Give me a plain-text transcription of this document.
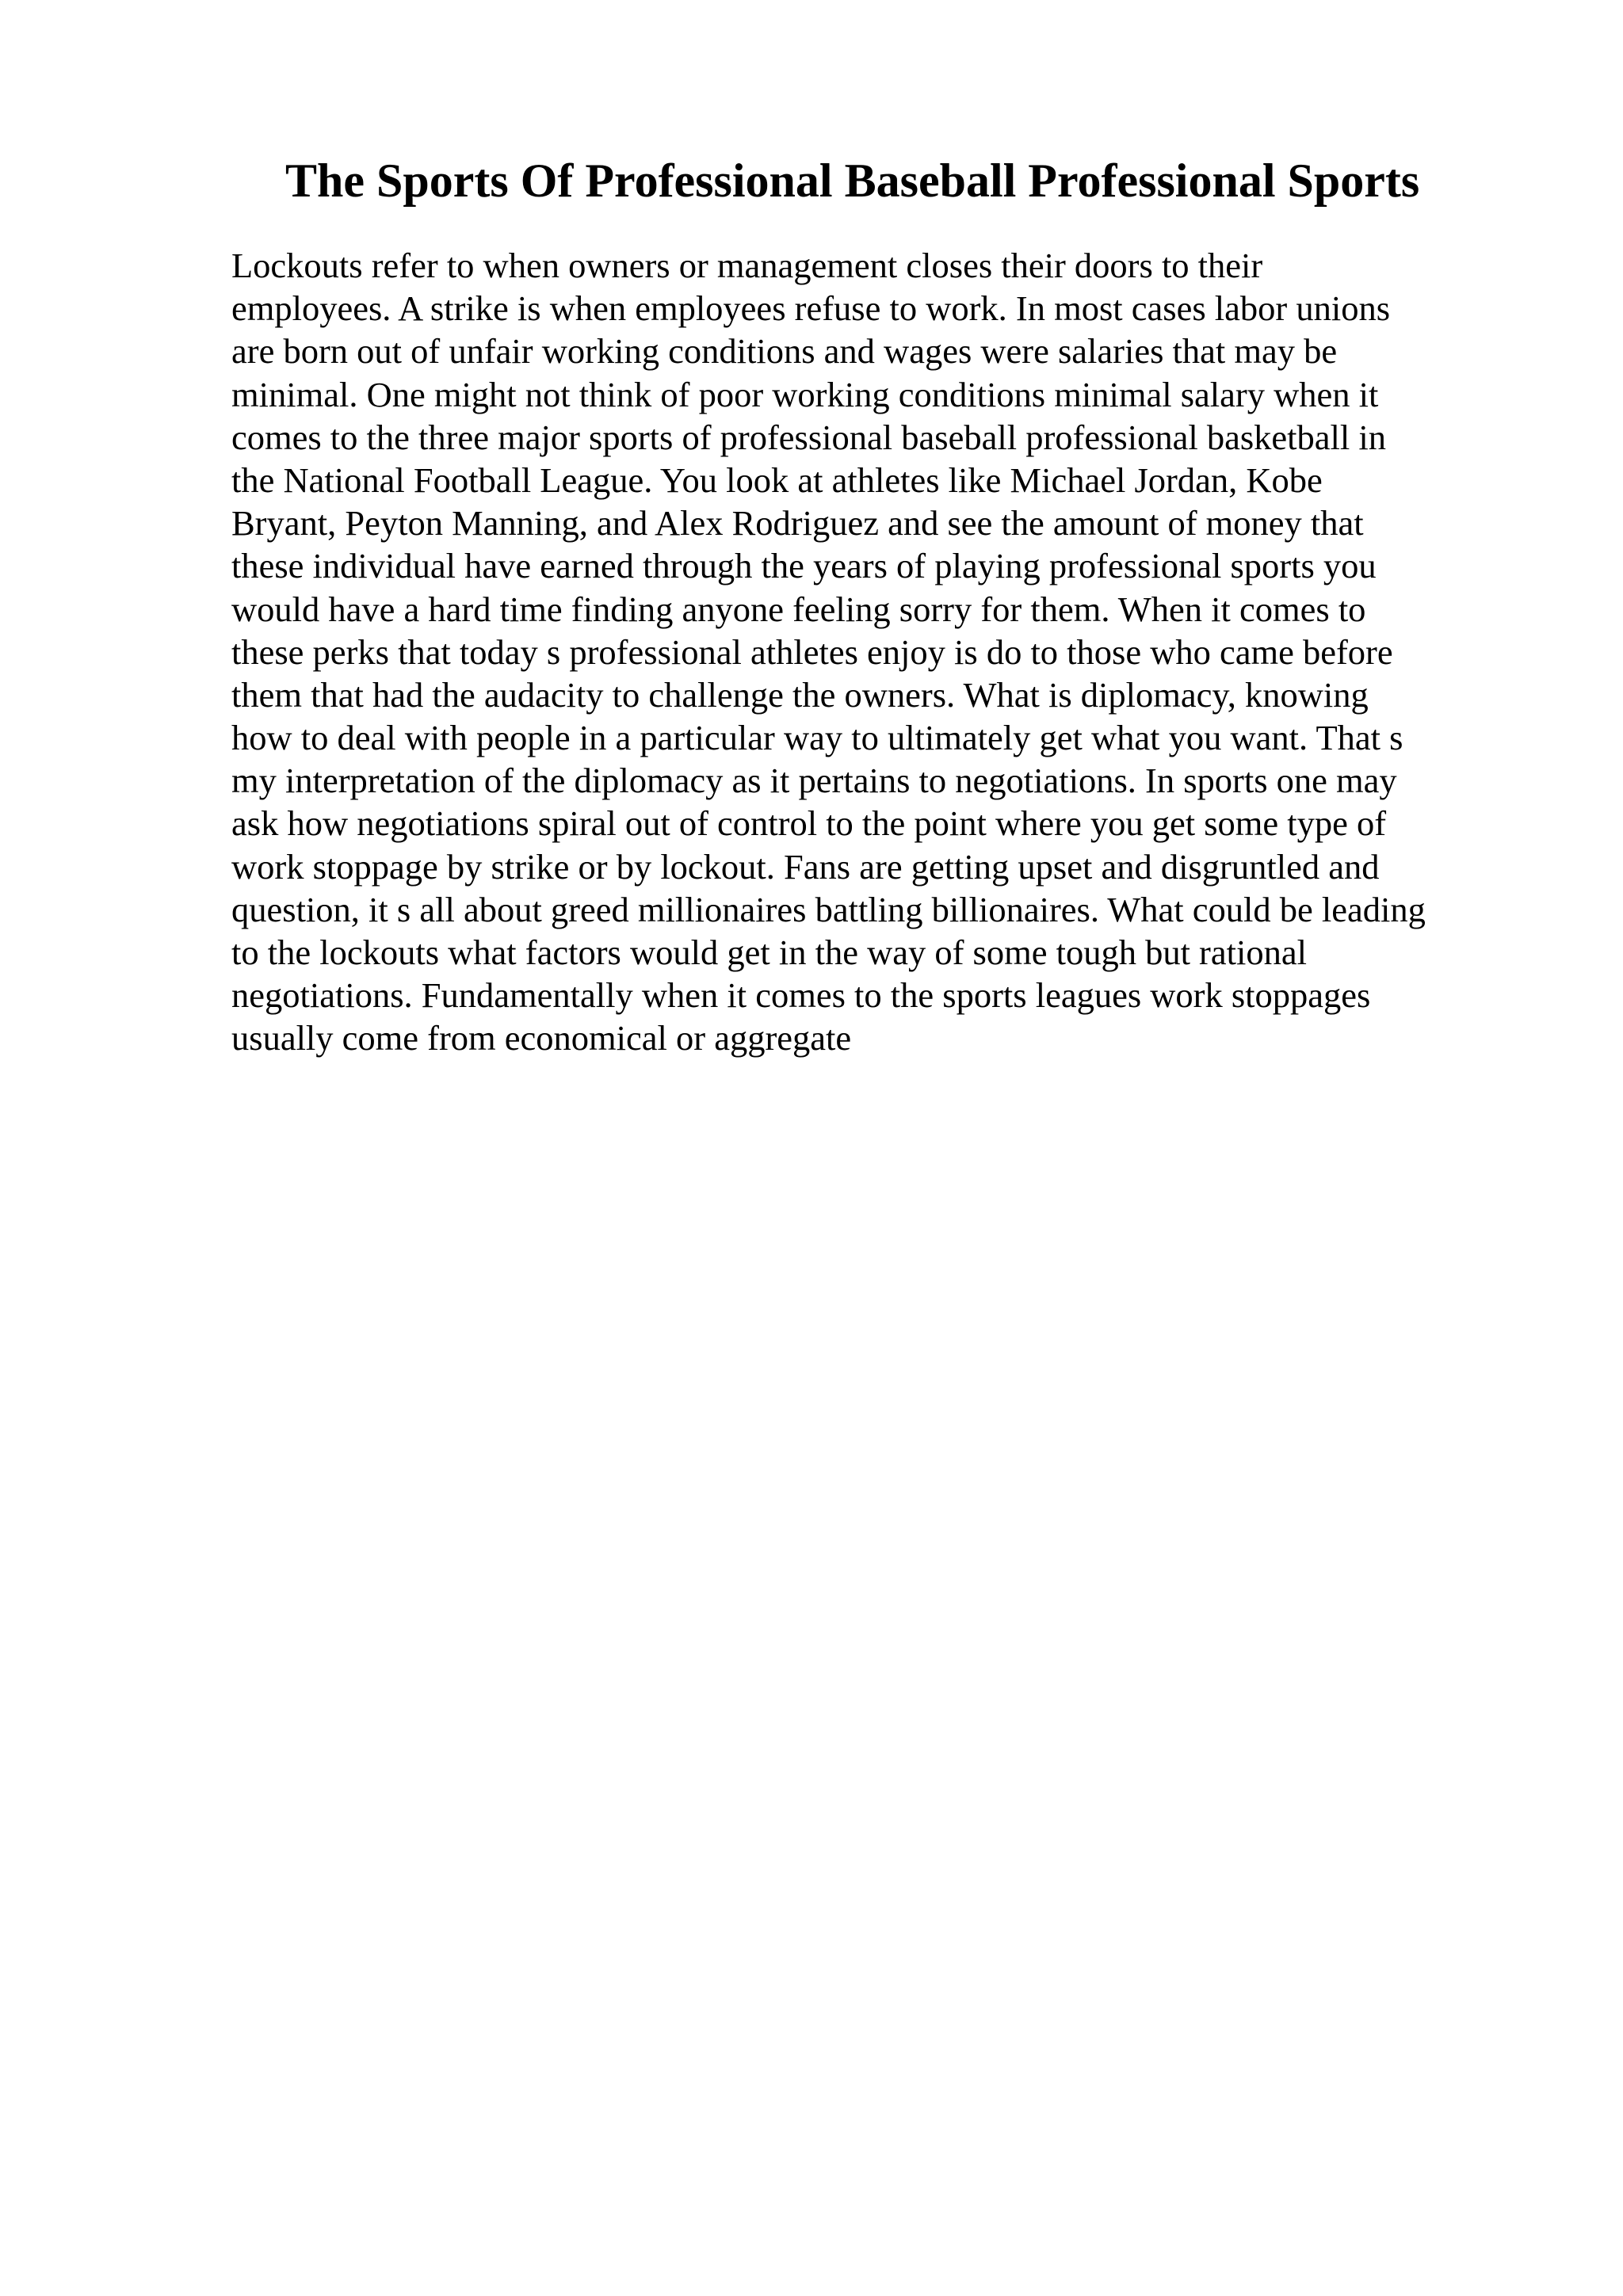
The Sports Of Professional Baseball Professional Sports
Lockouts refer to when owners or management closes their doors to their
employees. A strike is when employees refuse to work. In most cases labor unions
are born out of unfair working conditions and wages were salaries that may be
minimal. One might not think of poor working conditions minimal salary when it
comes to the three major sports of professional baseball professional basketball in
the National Football League. You look at athletes like Michael Jordan, Kobe
Bryant, Peyton Manning, and Alex Rodriguez and see the amount of money that
these individual have earned through the years of playing professional sports you
would have a hard time finding anyone feeling sorry for them. When it comes to
these perks that today s professional athletes enjoy is do to those who came before
them that had the audacity to challenge the owners. What is diplomacy, knowing
how to deal with people in a particular way to ultimately get what you want. That s
my interpretation of the diplomacy as it pertains to negotiations. In sports one may
ask how negotiations spiral out of control to the point where you get some type of
work stoppage by strike or by lockout. Fans are getting upset and disgruntled and
question, it s all about greed millionaires battling billionaires. What could be leading
to the lockouts what factors would get in the way of some tough but rational
negotiations. Fundamentally when it comes to the sports leagues work stoppages
usually come from economical or aggregate
